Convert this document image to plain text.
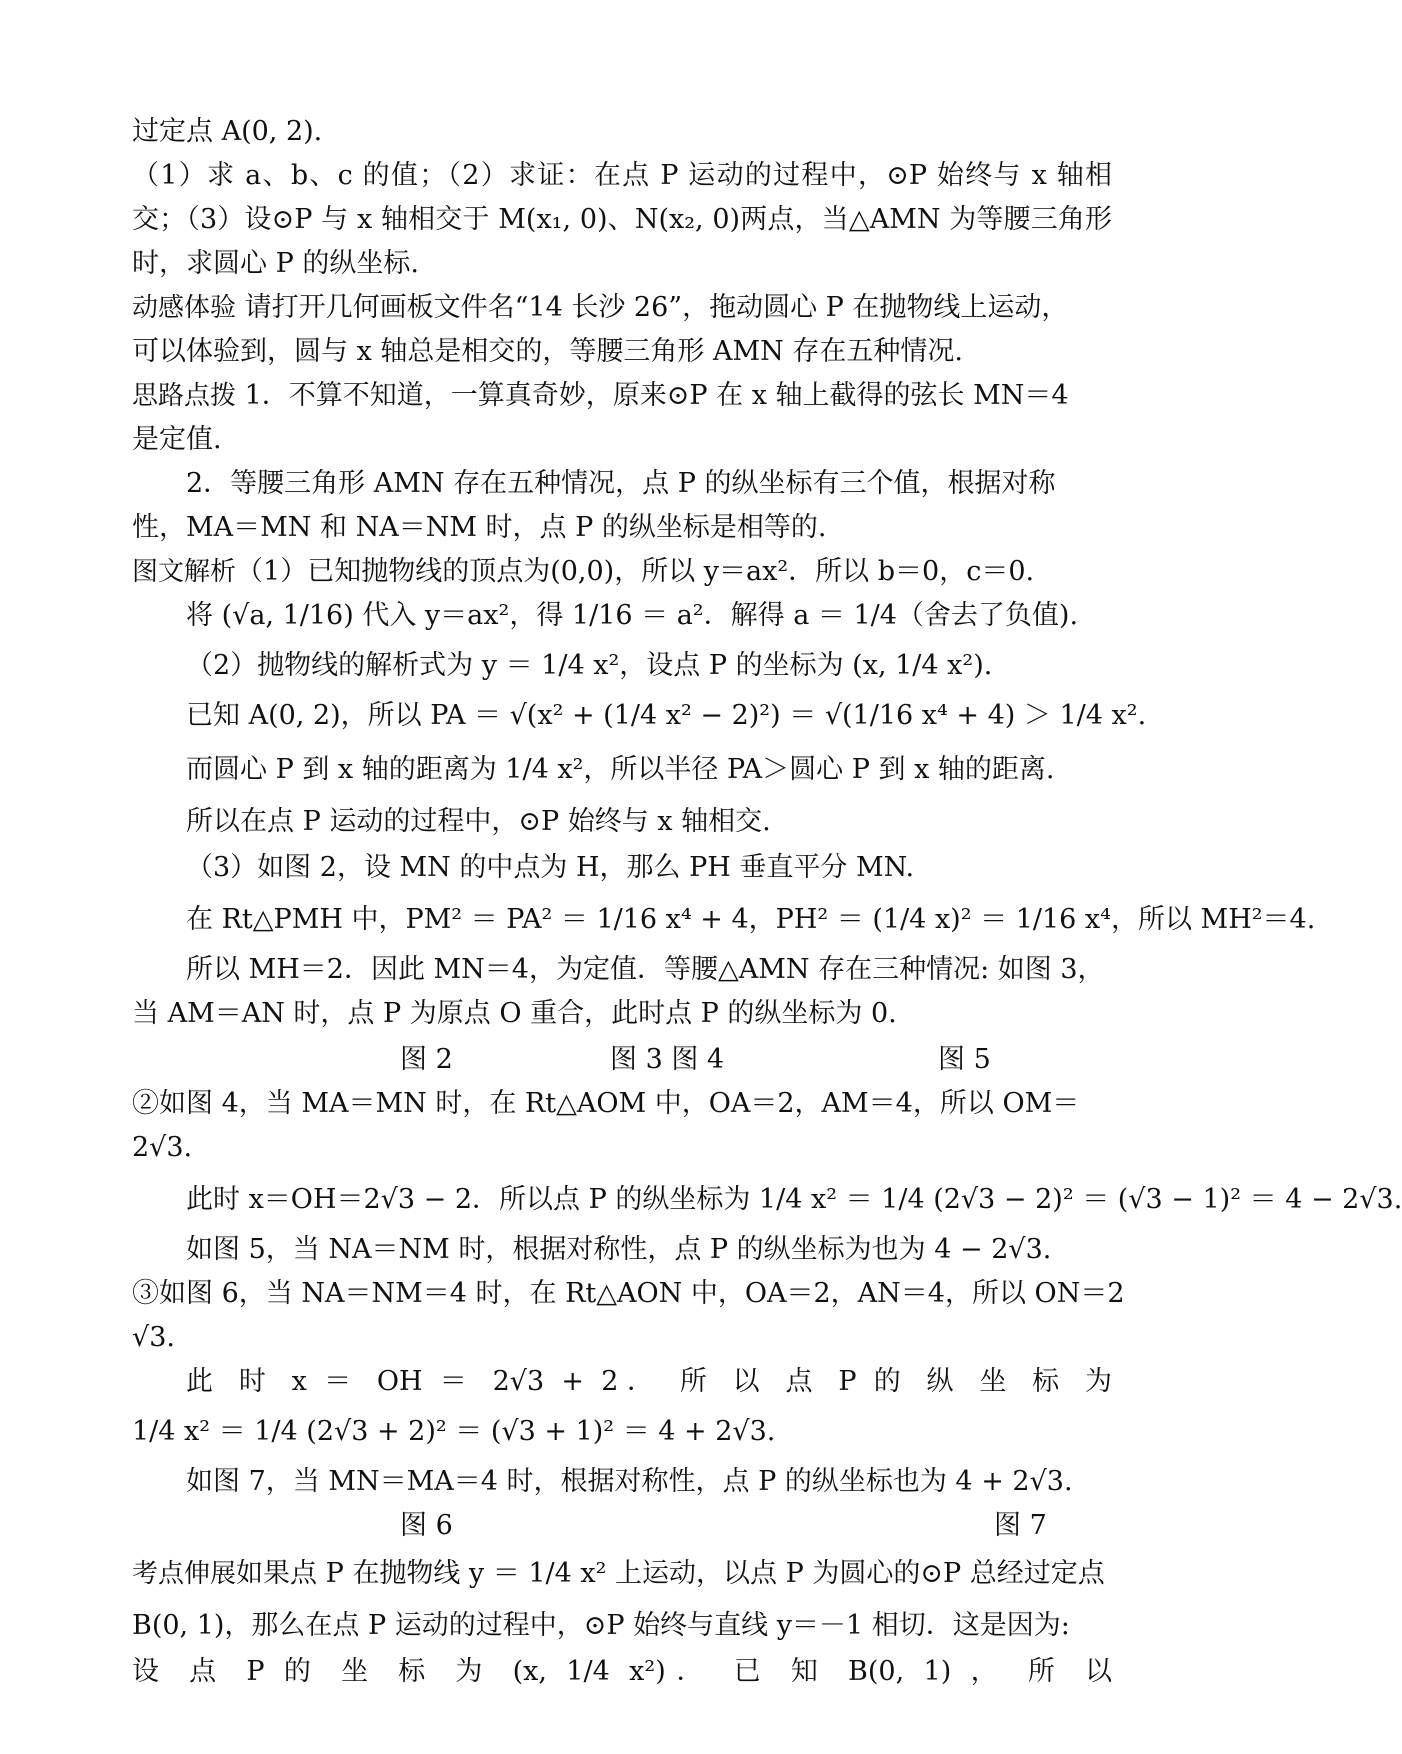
过定点 A(0, 2).
（1）求 a、b、c 的值；（2）求证：在点 P 运动的过程中，⊙P 始终与 x 轴相
交；（3）设⊙P 与 x 轴相交于 M(x₁, 0)、N(x₂, 0)两点，当△AMN 为等腰三角形
时，求圆心 P 的纵坐标.
动感体验 请打开几何画板文件名“14 长沙 26”，拖动圆心 P 在抛物线上运动，
可以体验到，圆与 x 轴总是相交的，等腰三角形 AMN 存在五种情况.
思路点拨 1．不算不知道，一算真奇妙，原来⊙P 在 x 轴上截得的弦长 MN＝4
是定值.
2．等腰三角形 AMN 存在五种情况，点 P 的纵坐标有三个值，根据对称
性，MA＝MN 和 NA＝NM 时，点 P 的纵坐标是相等的.
图文解析（1）已知抛物线的顶点为(0,0)，所以 y＝ax²．所以 b＝0，c＝0.
将 (√a, 1/16) 代入 y＝ax²，得 1/16 ＝ a²．解得 a ＝ 1/4（舍去了负值).
（2）抛物线的解析式为 y ＝ 1/4 x²，设点 P 的坐标为 (x, 1/4 x²).
已知 A(0, 2)，所以 PA ＝ √(x² + (1/4 x² − 2)²) ＝ √(1/16 x⁴ + 4) ＞ 1/4 x².
而圆心 P 到 x 轴的距离为 1/4 x²，所以半径 PA＞圆心 P 到 x 轴的距离.
所以在点 P 运动的过程中，⊙P 始终与 x 轴相交.
（3）如图 2，设 MN 的中点为 H，那么 PH 垂直平分 MN.
在 Rt△PMH 中，PM² ＝ PA² ＝ 1/16 x⁴ + 4，PH² ＝ (1/4 x)² ＝ 1/16 x⁴，所以 MH²＝4.
所以 MH＝2．因此 MN＝4，为定值．等腰△AMN 存在三种情况: 如图 3，
当 AM＝AN 时，点 P 为原点 O 重合，此时点 P 的纵坐标为 0.
图 2	图 3 图 4	图 5
②如图 4，当 MA＝MN 时，在 Rt△AOM 中，OA＝2，AM＝4，所以 OM＝
2√3.
此时 x＝OH＝2√3 − 2．所以点 P 的纵坐标为 1/4 x² ＝ 1/4 (2√3 − 2)² ＝ (√3 − 1)² ＝ 4 − 2√3.
如图 5，当 NA＝NM 时，根据对称性，点 P 的纵坐标为也为 4 − 2√3.
③如图 6，当 NA＝NM＝4 时，在 Rt△AON 中，OA＝2，AN＝4，所以 ON＝2
√3.
此 时 x ＝ OH ＝ 2√3 + 2． 所 以 点 P 的 纵 坐 标 为
1/4 x² ＝ 1/4 (2√3 + 2)² ＝ (√3 + 1)² ＝ 4 + 2√3.
如图 7，当 MN＝MA＝4 时，根据对称性，点 P 的纵坐标也为 4 + 2√3.
图 6	图 7
考点伸展如果点 P 在抛物线 y ＝ 1/4 x² 上运动，以点 P 为圆心的⊙P 总经过定点
B(0, 1)，那么在点 P 运动的过程中，⊙P 始终与直线 y＝－1 相切．这是因为:
设 点 P 的 坐 标 为 (x, 1/4 x²)． 已 知 B(0, 1) ， 所 以
